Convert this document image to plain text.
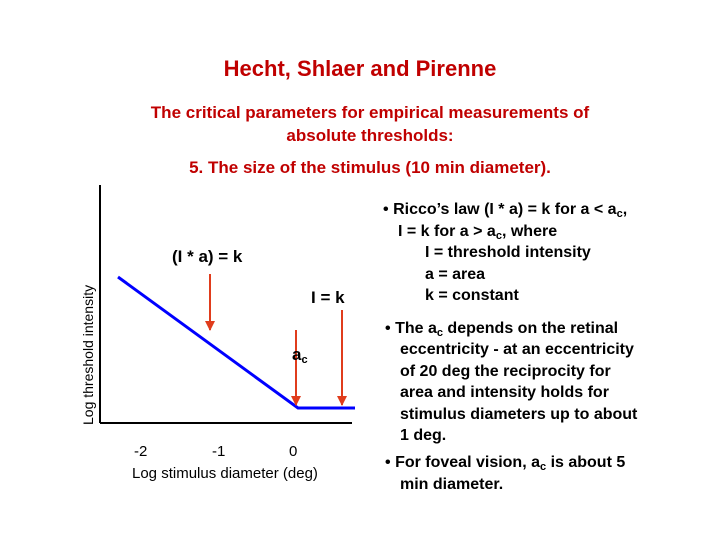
Hecht, Shlaer and Pirenne
The critical parameters for empirical measurements of
absolute thresholds:
5. The size of the stimulus (10 min diameter).
Log threshold intensity
(I * a) = k
I = k
$a_c$
-2	-1	0
Log stimulus diameter (deg)
• Ricco’s law (I * a) = k for $a < a_c$,
I = k for $a > a_c$, where
I = threshold intensity
a = area
k = constant
• The $a_c$ depends on the retinal
eccentricity - at an eccentricity
of 20 deg the reciprocity for
area and intensity holds for
stimulus diameters up to about
1 deg.
• For foveal vision, $a_c$ is about 5
min diameter.
